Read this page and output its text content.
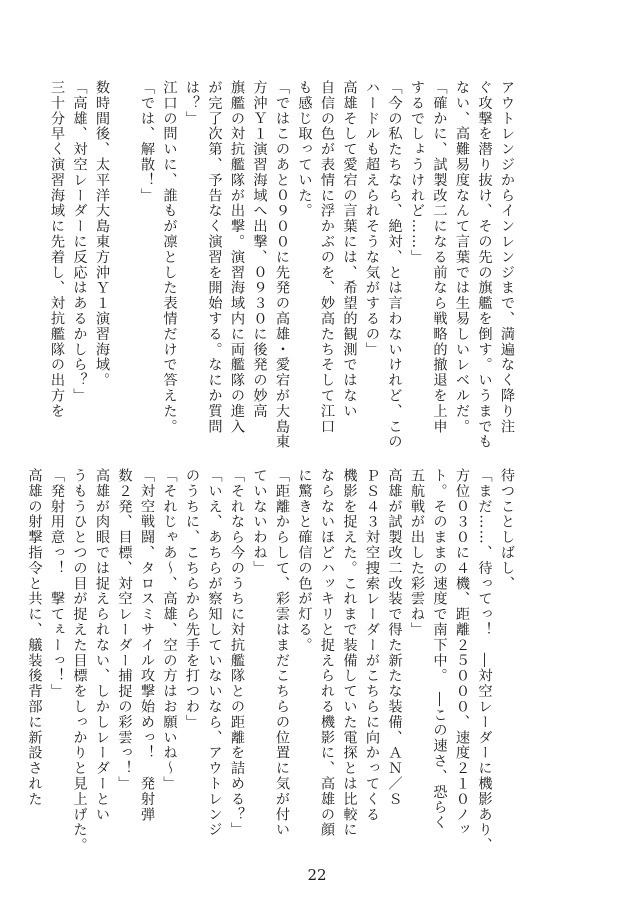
アウトレンジからインレンジまで、満遍なく降り注
ぐ攻撃を潜り抜け、その先の旗艦を倒す。いうまでも
ない、高難易度なんて言葉では生易しいレベルだ。
「確かに、試製改二になる前なら戦略的撤退を上申
するでしょうけれど……」
「今の私たちなら、絶対、とは言わないけれど、この
ハードルも超えられそうな気がするの」
高雄そして愛宕の言葉には、希望的観測ではない
自信の色が表情に浮かぶのを、妙高たちそして江口
も感じ取っていた。
「ではこのあと０９００に先発の高雄・愛宕が大島東
方沖Ｙ１演習海域へ出撃、０９３０に後発の妙高
旗艦の対抗艦隊が出撃。演習海域内に両艦隊の進入
が完了次第、予告なく演習を開始する。なにか質問
は？」
江口の問いに、誰もが凛とした表情だけで答えた。
「では、解散！」

数時間後、太平洋大島東方沖Ｙ１演習海域。
「高雄、対空レーダーに反応はあるかしら？」
三十分早く演習海域に先着し、対抗艦隊の出方を
待つことしばし、
「まだ……、待ってっ！　―対空レーダーに機影あり、
方位０３０に４機、距離２５０００、速度２１０ノッ
ト。そのままの速度で南下中。　―この速さ、恐らく
五航戦が出した彩雲ね」
高雄が試製改二改装で得た新たな装備、ＡＮ／Ｓ
ＰＳ４３対空捜索レーダーがこちらに向かってくる
機影を捉えた。これまで装備していた電探とは比較に
ならないほどハッキリと捉えられる機影に、高雄の顔
に驚きと確信の色が灯る。
「距離からして、彩雲はまだこちらの位置に気が付い
ていないわね」
「それなら今のうちに対抗艦隊との距離を詰める？」
「いえ、あちらが察知していないなら、アウトレンジ
のうちに、こちらから先手を打つわ」
「それじゃあ～、高雄、空の方はお願いね～」
「対空戦闘、タロスミサイル攻撃始めっ！　発射弾
数２発、目標、対空レーダー捕捉の彩雲っ！」
高雄が肉眼では捉えられない、しかしレーダーとい
うもうひとつの目が捉えた目標をしっかりと見上げた。
「発射用意っ！　撃てぇーっ！」
高雄の射撃指令と共に、艤装後背部に新設された
22
